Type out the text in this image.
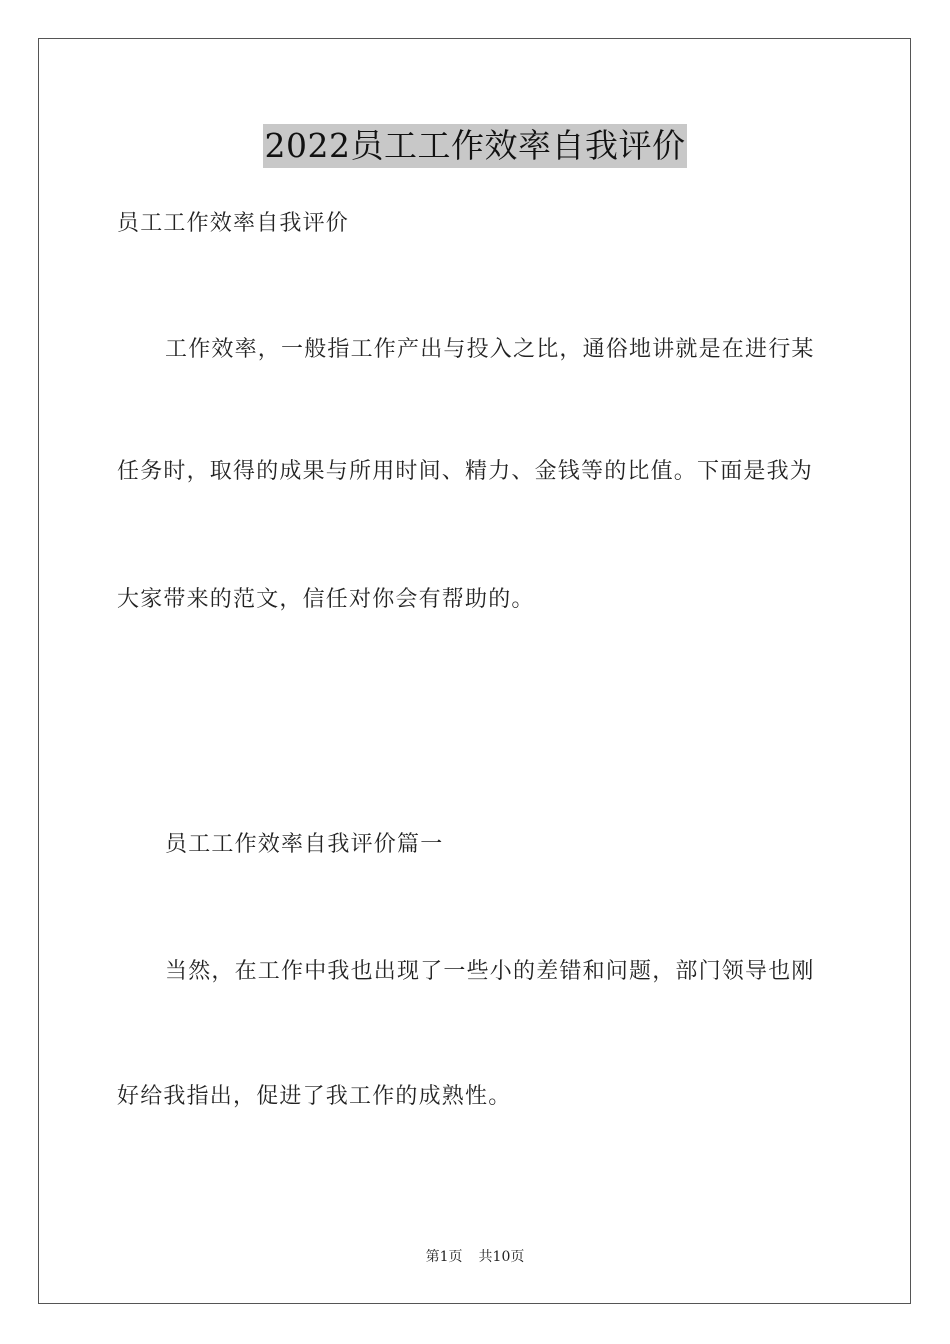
2022员工工作效率自我评价
员工工作效率自我评价
工作效率，一般指工作产出与投入之比，通俗地讲就是在进行某
任务时，取得的成果与所用时间、精力、金钱等的比值。下面是我为
大家带来的范文，信任对你会有帮助的。
员工工作效率自我评价篇一
当然，在工作中我也出现了一些小的差错和问题，部门领导也刚
好给我指出，促进了我工作的成熟性。
第1页 共10页
